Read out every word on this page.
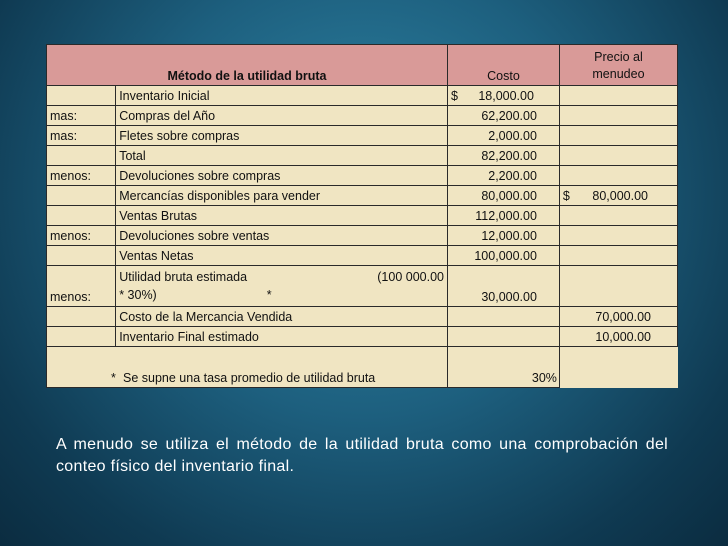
Método de la utilidad bruta		Costo	Precio al
menudeo

	Inventario Inicial	$ 18,000.00	

mas:	Compras del Año	62,200.00	
mas:	Fletes sobre compras	2,000.00	
	Total	82,200.00	
menos:	Devoluciones sobre compras	2,200.00	
	Mercancías disponibles para vender	80,000.00	$ 80,000.00

	Ventas Brutas	112,000.00	
menos:	Devoluciones sobre ventas	12,000.00	
	Ventas Netas	100,000.00	
menos:	Utilidad bruta estimada (100 000.00
* 30%) *	30,000.00	
	Costo de la Mercancia Vendida		70,000.00
	Inventario Final estimado		10,000.00

* Se supne una tasa promedio de utilidad bruta		30%	
A menudo se utiliza el método de la utilidad bruta como una comprobación del conteo físico del inventario final.
